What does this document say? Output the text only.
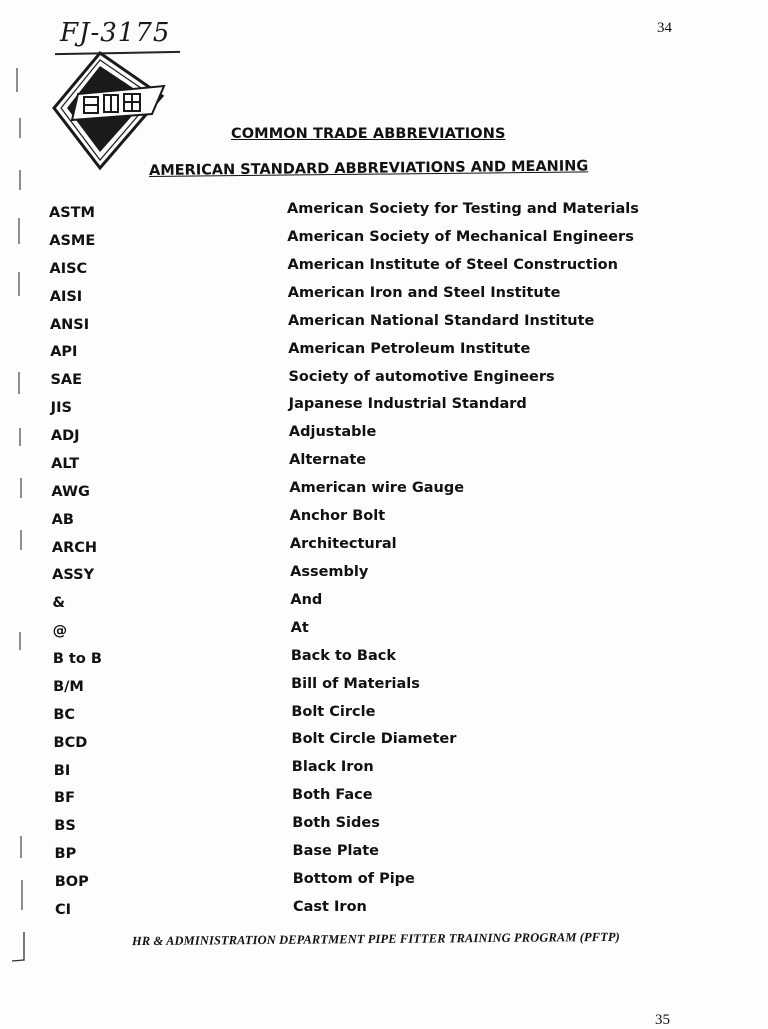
FJ-3175	34
COMMON TRADE ABBREVIATIONS
AMERICAN STANDARD ABBREVIATIONS AND MEANING
ASTM	American Society for Testing and Materials
ASME	American Society of Mechanical Engineers
AISC	American Institute of Steel Construction
AISI	American Iron and Steel Institute
ANSI	American National Standard Institute
API	American Petroleum Institute
SAE	Society of automotive Engineers
JIS	Japanese Industrial Standard
ADJ	Adjustable
ALT	Alternate
AWG	American wire Gauge
AB	Anchor Bolt
ARCH	Architectural
ASSY	Assembly
&	And
@	At
B to B	Back to Back
B/M	Bill of Materials
BC	Bolt Circle
BCD	Bolt Circle Diameter
BI	Black Iron
BF	Both Face
BS	Both Sides
BP	Base Plate
BOP	Bottom of Pipe
CI	Cast Iron
HR & ADMINISTRATION DEPARTMENT PIPE FITTER TRAINING PROGRAM (PFTP)
35
